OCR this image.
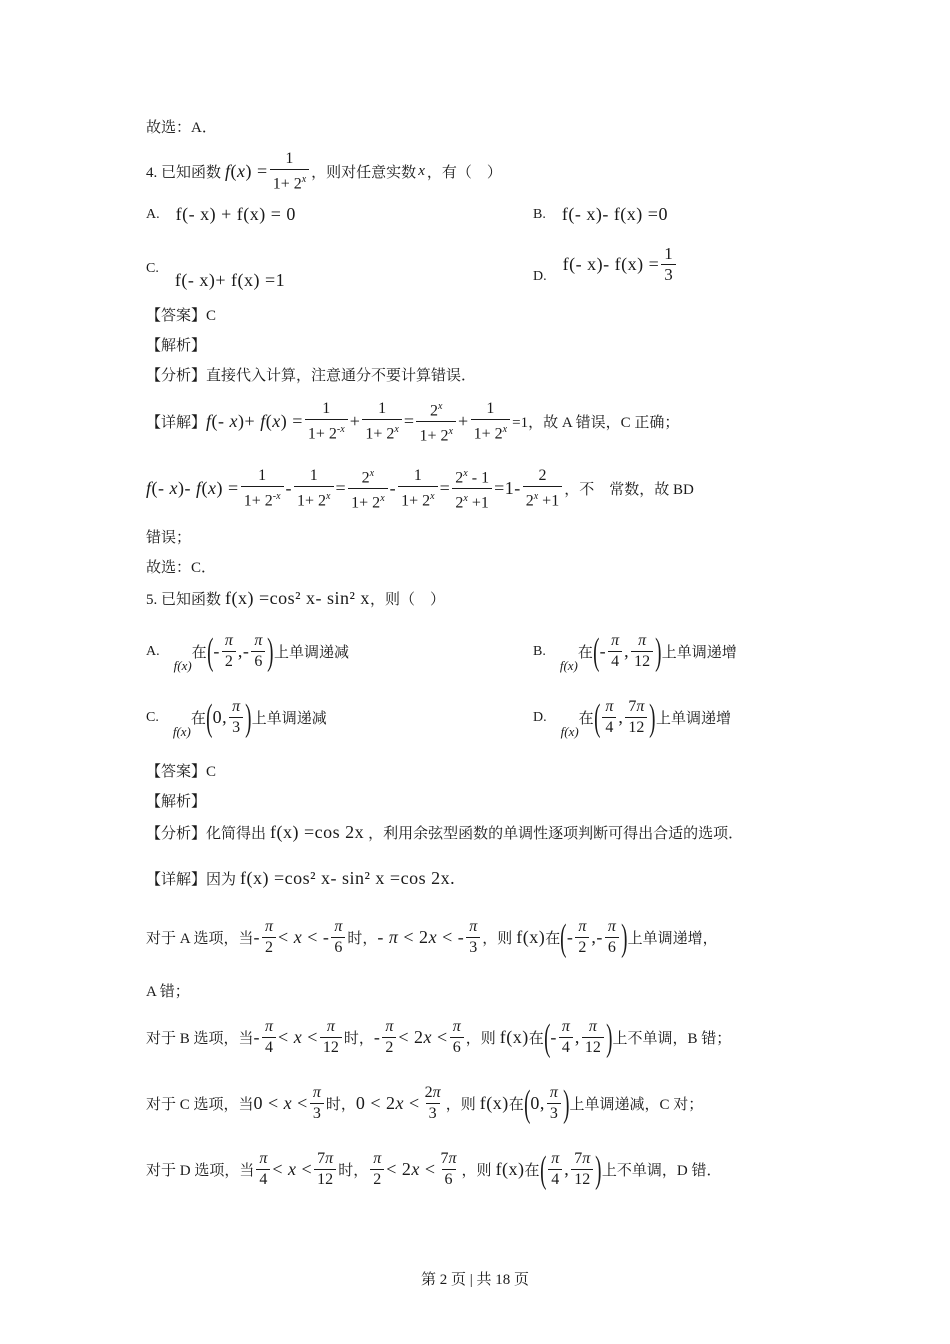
故选：A．
4. 已知函数 $f(x) = \frac{1}{1+ 2^x}$ ，则对任意实数 x ，有（　）
A. f(- x) + f(x) = 0	B. f(- x)- f(x) =0
C.
f(- x)+ f(x) =1	D.
f(- x)- $f(x) = \frac{1}{3}$
【答案】C
【解析】
【分析】直接代入计算，注意通分不要计算错误．
【详解】 f(- $x)+ f(x) = \frac{1}{1+ 2^{-x}} + \frac{1}{1+ 2^x} = \frac{2^x}{1+ 2^x} + \frac{1}{1+ 2^x} =1$，故 A 错误，C 正确；
f(- x)- $f(x) = \frac{1}{1+ 2^{-x}} - \frac{1}{1+ 2^x} = \frac{2^x}{1+ 2^x} - \frac{1}{1+ 2^x} = \frac{2^x - 1}{2^x +1} =1- \frac{2}{2^x +1}$ ，不　常数，故 BD
错误；
故选：C．
5. 已知函数 f(x) =cos² x- sin² x ，则（　）
A.
f(x)
在 ( - $\frac{\pi}{2}$ ,- $\frac{\pi}{6}$ ) 上单调递减	B.
f(x)
在 ( - $\frac{\pi}{4}$ , $\frac{\pi}{12}$ ) 上单调递增
C.
f(x)
在 ( 0, $\frac{\pi}{3}$ ) 上单调递减	D.
f(x)
在 ( $\frac{\pi}{4}$ , $\frac{7\pi}{12}$ ) 上单调递增
【答案】C
【解析】
【分析】化简得出 f(x) =cos 2x ，利用余弦型函数的单调性逐项判断可得出合适的选项．
【详解】因为 f(x) =cos² x- sin² x =cos 2x.
对于 A 选项，当 - $\frac{\pi}{2} < x$ < - $\frac{\pi}{6}$ 时， - π < 2x < - $\frac{\pi}{3}$ ，则 f(x) 在 ( - $\frac{\pi}{2}$ ,- $\frac{\pi}{6}$ ) 上单调递增，
A 错；
对于 B 选项，当 - $\frac{\pi}{4} < x < \frac{\pi}{12}$ 时， - $\frac{\pi}{2} < 2x < \frac{\pi}{6}$ ，则 f(x) 在 ( - $\frac{\pi}{4}$ , $\frac{\pi}{12}$ ) 上不单调，B 错；
对于 C 选项，当 $0 < x < \frac{\pi}{3}$ 时， $0 < 2x < \frac{2\pi}{3}$ ，则 f(x) 在 ( 0, $\frac{\pi}{3}$ ) 上单调递减，C 对；
对于 D 选项，当 $\frac{\pi}{4} < x < \frac{7\pi}{12}$ 时， $\frac{\pi}{2} < 2x < \frac{7\pi}{6}$ ，则 f(x) 在 ( $\frac{\pi}{4}$ , $\frac{7\pi}{12}$ ) 上不单调，D 错．
第 2 页 | 共 18 页
